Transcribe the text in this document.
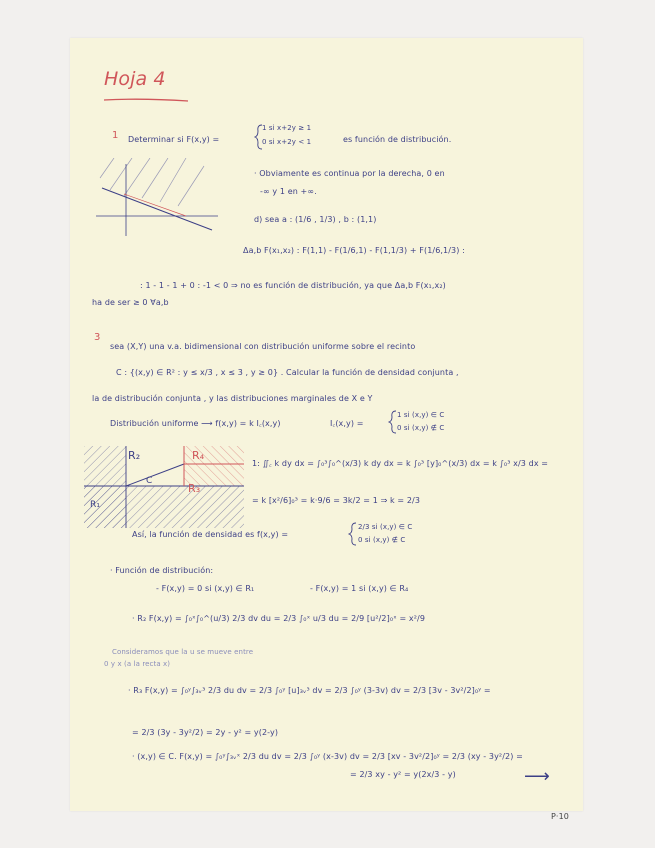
Hoja 4
1 Determinar si F(x,y) =
1 si x+2y ≥ 1
0 si x+2y < 1	es función de distribución.
· Obviamente es continua por la derecha, 0 en
-∞ y 1 en +∞.
d) sea a : (1/6 , 1/3) , b : (1,1)
Δa,b F(x₁,x₂) : F(1,1) - F(1/6,1) - F(1,1/3) + F(1/6,1/3) :
: 1 - 1 - 1 + 0 : -1 < 0 ⇒ no es función de distribución, ya que Δa,b F(x₁,x₂)
ha de ser ≥ 0 ∀a,b
3
sea (X,Y) una v.a. bidimensional con distribución uniforme sobre el recinto
C : {(x,y) ∈ R² : y ≤ x/3 , x ≤ 3 , y ≥ 0} . Calcular la función de densidad conjunta ,
la de distribución conjunta , y las distribuciones marginales de X e Y
Distribución uniforme ⟶ f(x,y) = k I꜀(x,y)	I꜀(x,y) =
1 si (x,y) ∈ C
0 si (x,y) ∉ C
R₂	R₄
C
R₃
R₁
1: ∬꜀ k dy dx = ∫₀³∫₀^(x/3) k dy dx = k ∫₀³ [y]₀^(x/3) dx = k ∫₀³ x/3 dx =
= k [x²/6]₀³ = k·9/6 = 3k/2 = 1 ⇒ k = 2/3
Así, la función de densidad es f(x,y) =
2/3 si (x,y) ∈ C
0 si (x,y) ∉ C
· Función de distribución:
- F(x,y) = 0 si (x,y) ∈ R₁	- F(x,y) = 1 si (x,y) ∈ R₄
· R₂ F(x,y) = ∫₀ˣ∫₀^(u/3) 2/3 dv du = 2/3 ∫₀ˣ u/3 du = 2/9 [u²/2]₀ˣ = x²/9
Consideramos que la u se mueve entre
0 y x (a la recta x)
· R₃ F(x,y) = ∫₀ʸ∫₃ᵥ³ 2/3 du dv = 2/3 ∫₀ʸ [u]₃ᵥ³ dv = 2/3 ∫₀ʸ (3-3v) dv = 2/3 [3v - 3v²/2]₀ʸ =
= 2/3 (3y - 3y²/2) = 2y - y² = y(2-y)
· (x,y) ∈ C. F(x,y) = ∫₀ʸ∫₃ᵥˣ 2/3 du dv = 2/3 ∫₀ʸ (x-3v) dv = 2/3 [xv - 3v²/2]₀ʸ = 2/3 (xy - 3y²/2) =
= 2/3 xy - y² = y(2x/3 - y)	⟶
P·10
